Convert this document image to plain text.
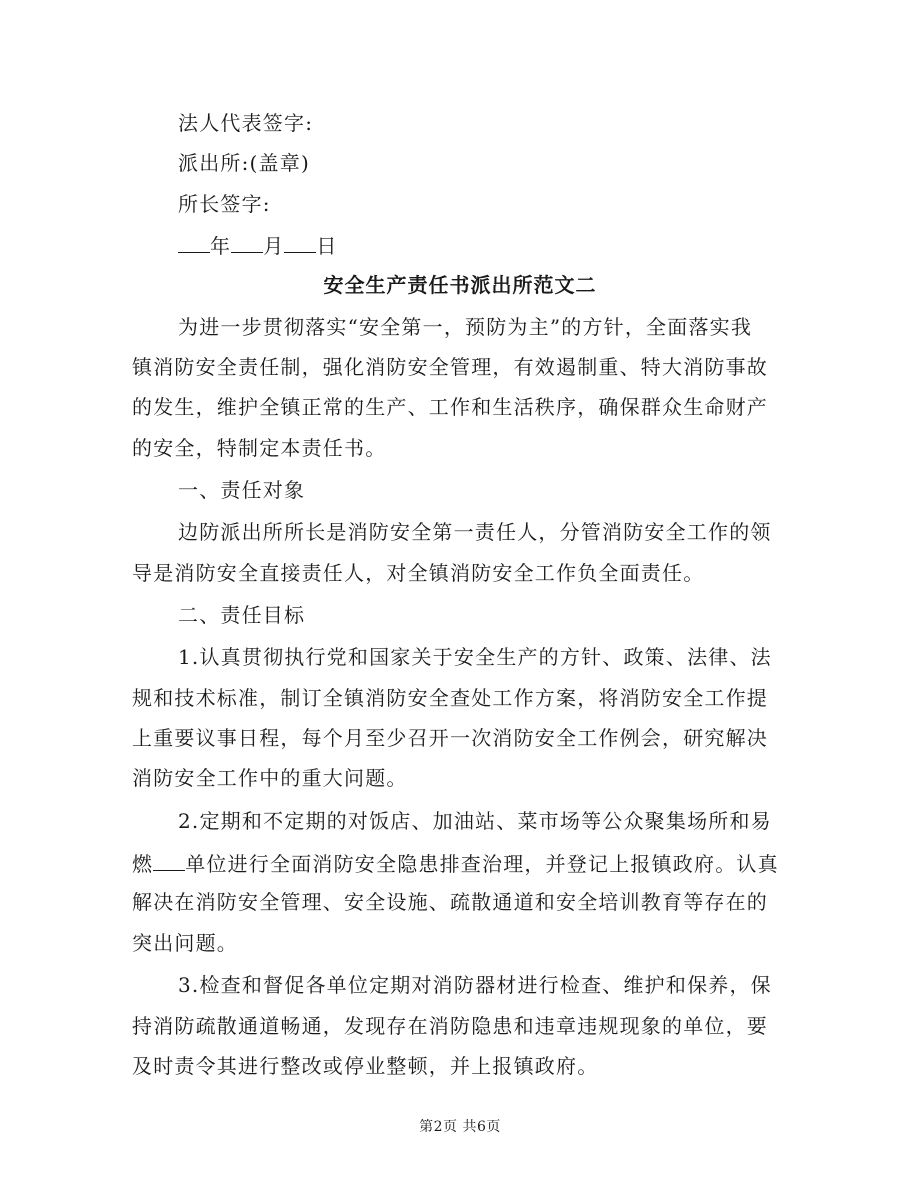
法人代表签字:
派出所:(盖章)
所长签字:
年 月 日
安全生产责任书派出所范文二
为进一步贯彻落实“安全第一，预防为主”的方针，全面落实我
镇消防安全责任制，强化消防安全管理，有效遏制重、特大消防事故
的发生，维护全镇正常的生产、工作和生活秩序，确保群众生命财产
的安全，特制定本责任书。
一、责任对象
边防派出所所长是消防安全第一责任人，分管消防安全工作的领
导是消防安全直接责任人，对全镇消防安全工作负全面责任。
二、责任目标
1.认真贯彻执行党和国家关于安全生产的方针、政策、法律、法
规和技术标准，制订全镇消防安全查处工作方案，将消防安全工作提
上重要议事日程，每个月至少召开一次消防安全工作例会，研究解决
消防安全工作中的重大问题。
2.定期和不定期的对饭店、加油站、菜市场等公众聚集场所和易
燃 单位进行全面消防安全隐患排查治理，并登记上报镇政府。认真
解决在消防安全管理、安全设施、疏散通道和安全培训教育等存在的
突出问题。
3.检查和督促各单位定期对消防器材进行检查、维护和保养，保
持消防疏散通道畅通，发现存在消防隐患和违章违规现象的单位，要
及时责令其进行整改或停业整顿，并上报镇政府。
第2页 共6页
